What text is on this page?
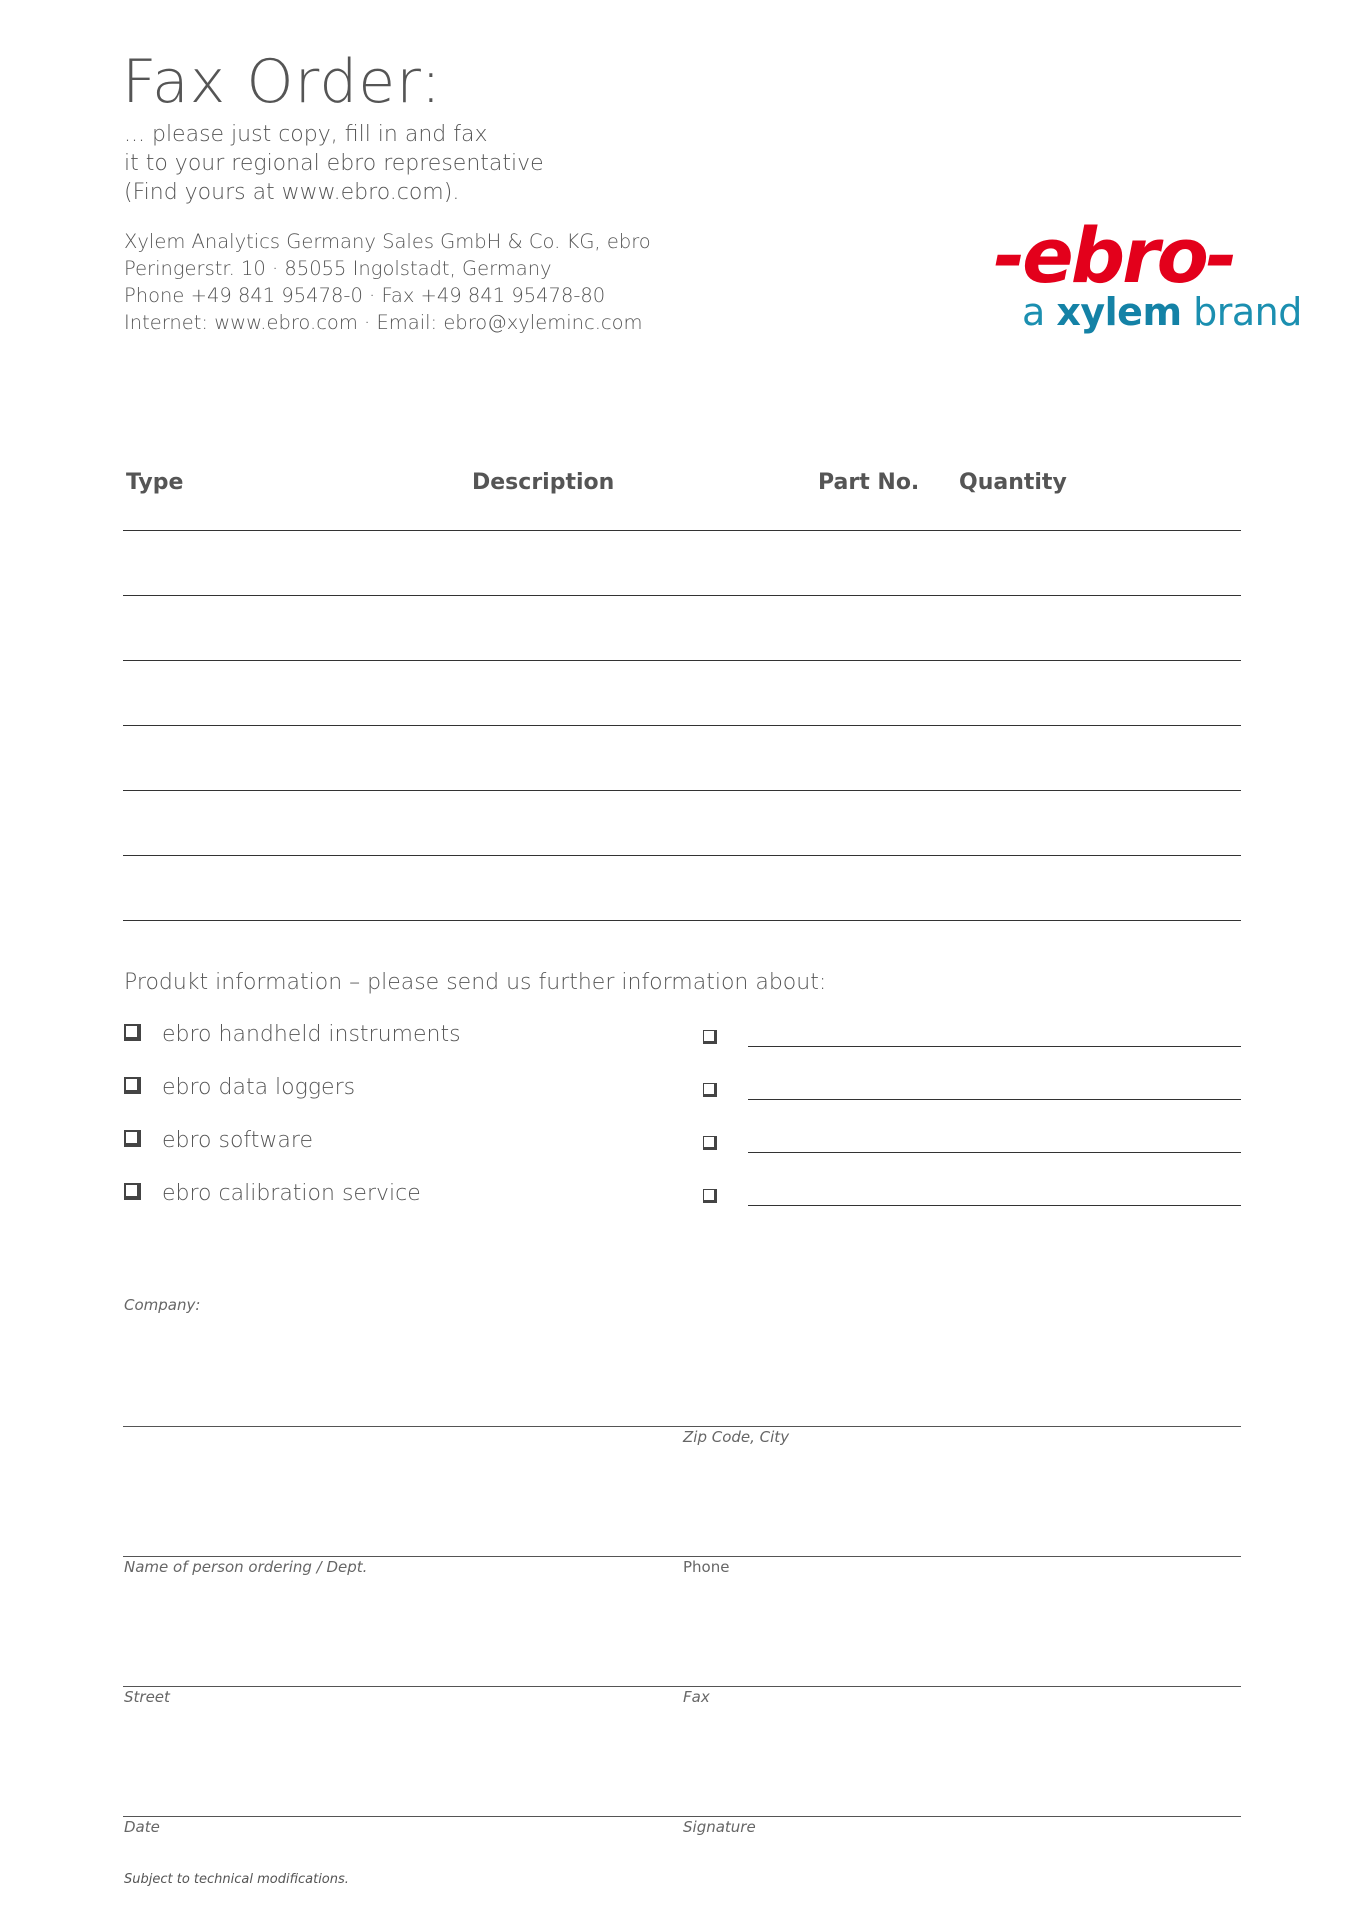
Fax Order:
... please just copy, fill in and fax
it to your regional ebro representative
(Find yours at www.ebro.com).
Xylem Analytics Germany Sales GmbH & Co. KG, ebro
Peringerstr. 10 · 85055 Ingolstadt, Germany
Phone +49 841 95478-0 · Fax +49 841 95478-80
Internet: www.ebro.com · Email: ebro@xyleminc.com
-ebro-
a xylem brand
Type	Description	Part No. Quantity
Produkt information – please send us further information about:
ebro handheld instruments
ebro data loggers
ebro software
ebro calibration service
Company:
Zip Code, City
Name of person ordering / Dept.	Phone
Street	Fax
Date	Signature
Subject to technical modifications.
